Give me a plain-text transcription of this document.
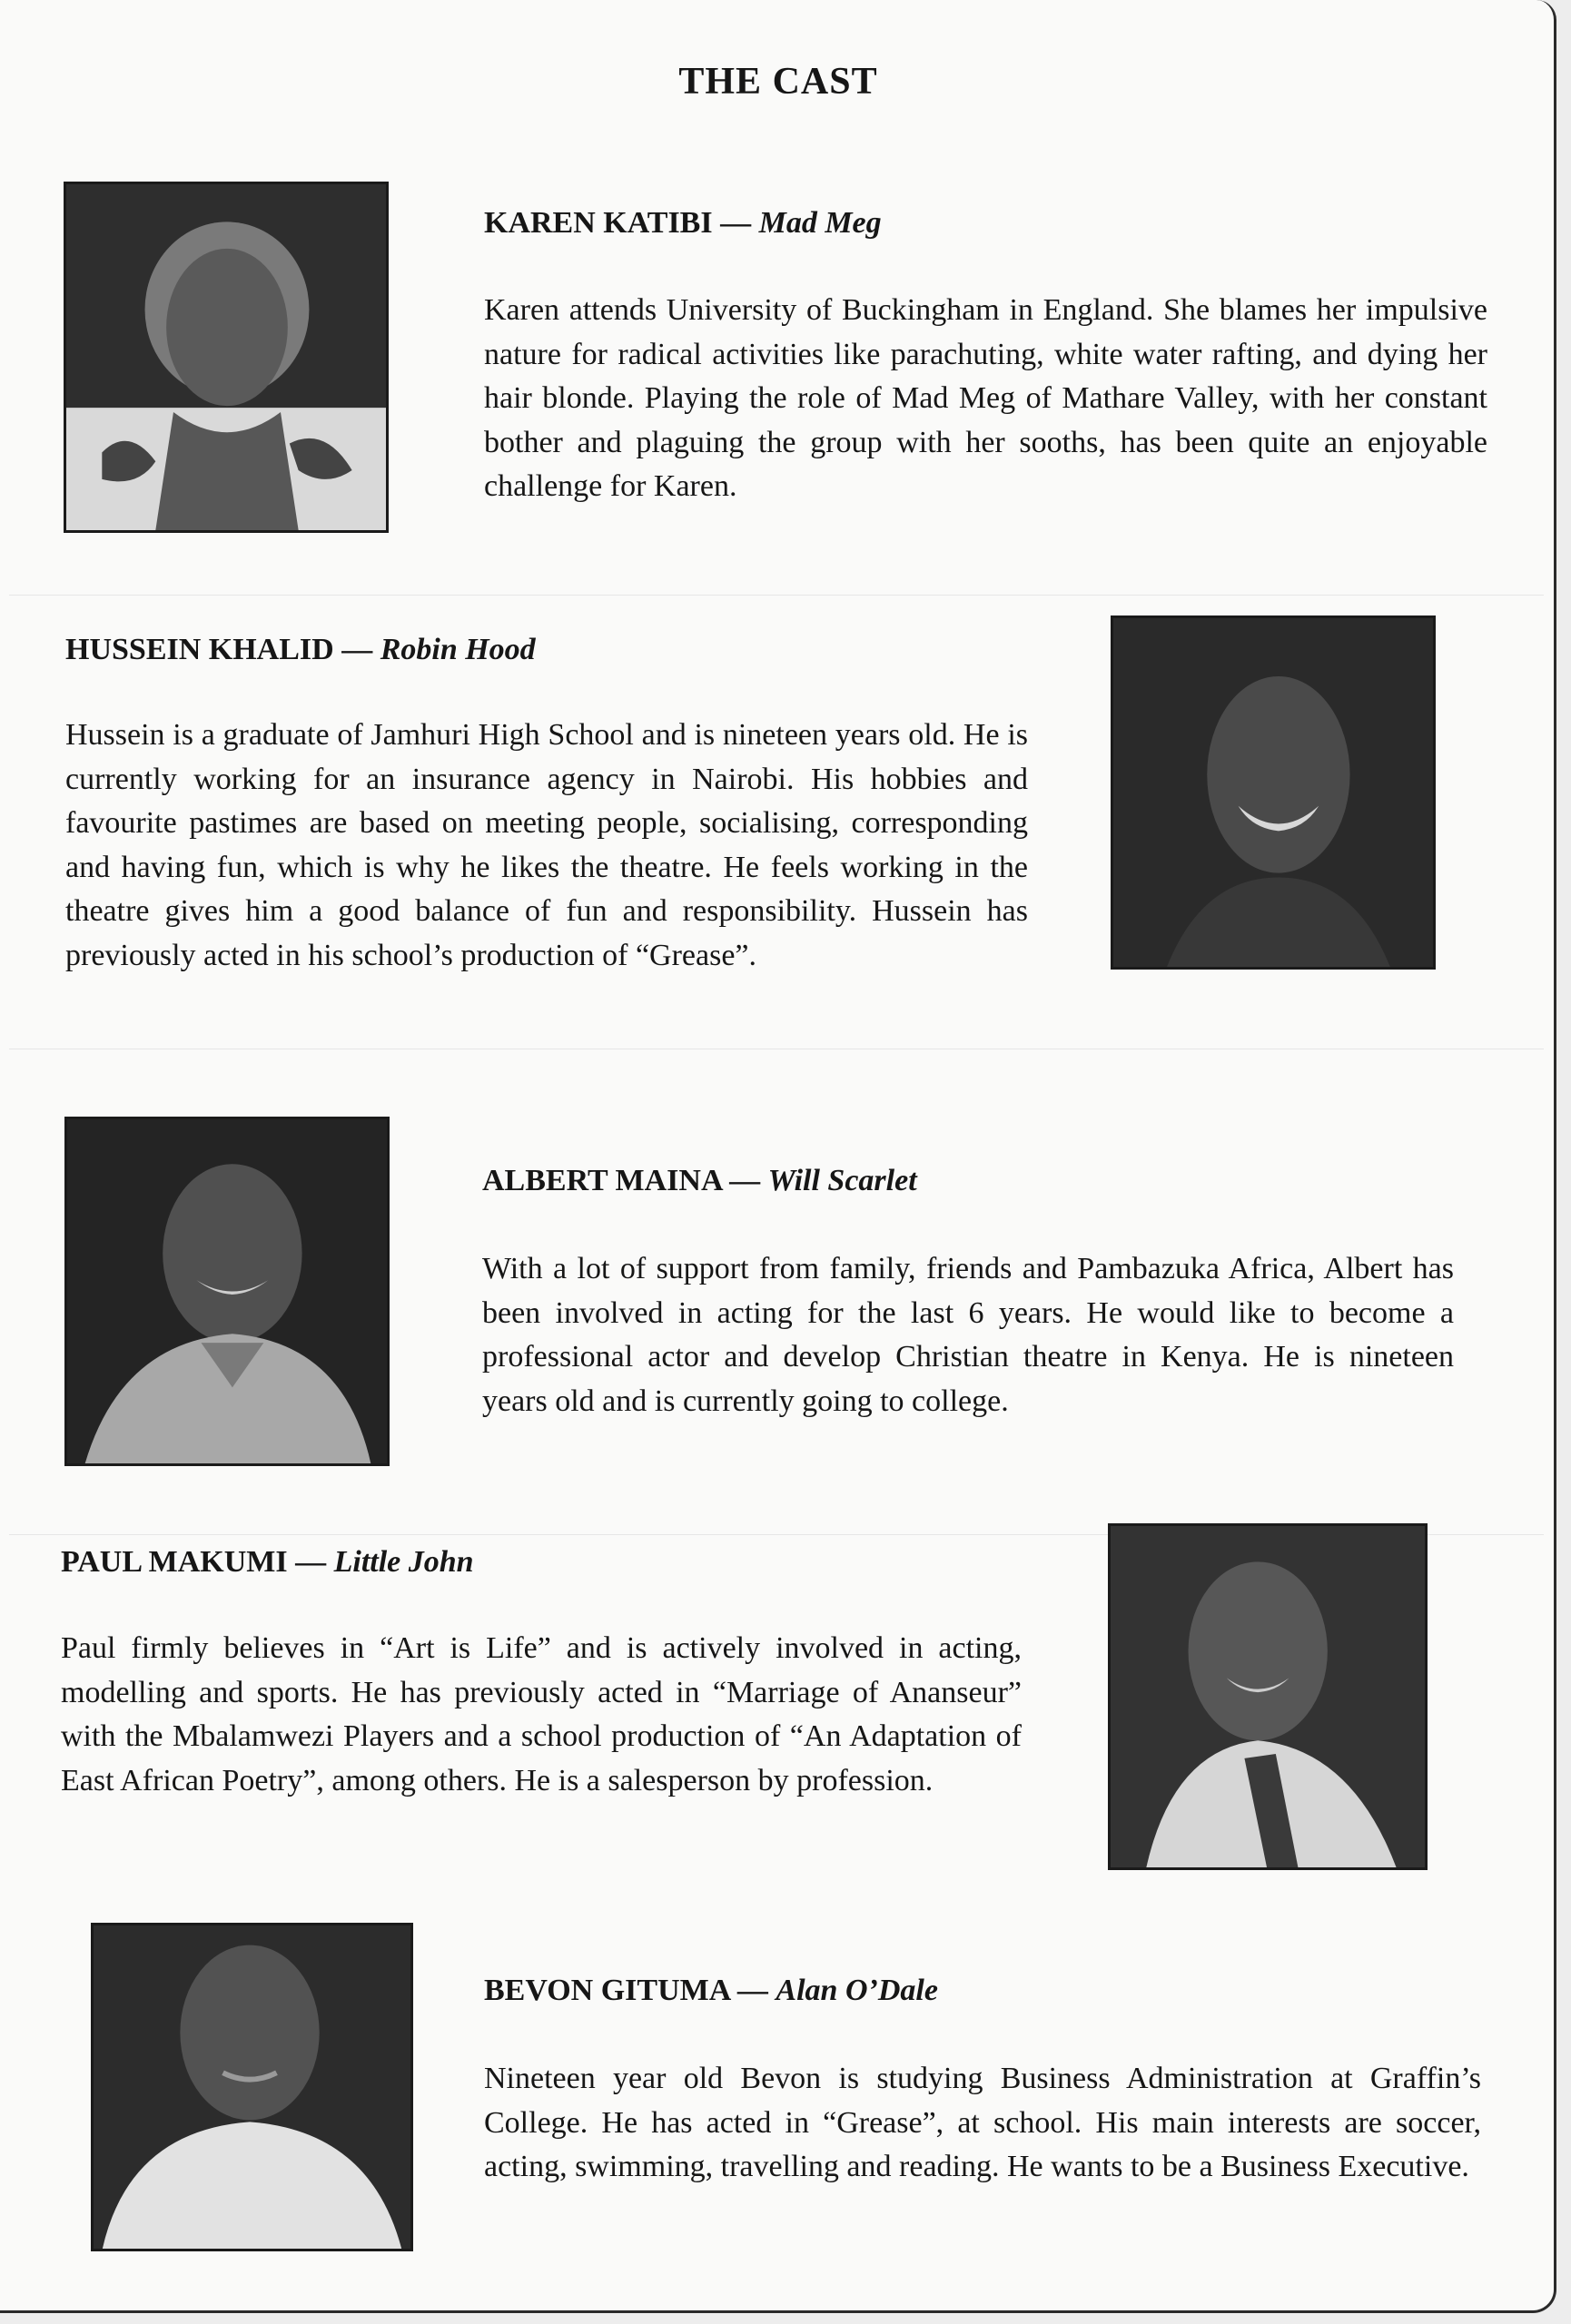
THE CAST
KAREN KATIBI — Mad Meg
Karen attends University of Buckingham in England. She blames her impulsive nature for radical activities like parachuting, white water rafting, and dying her hair blonde. Playing the role of Mad Meg of Mathare Valley, with her constant bother and plaguing the group with her sooths, has been quite an enjoyable challenge for Karen.
HUSSEIN KHALID — Robin Hood
Hussein is a graduate of Jamhuri High School and is nineteen years old. He is currently working for an insurance agency in Nairobi. His hobbies and favourite pastimes are based on meeting people, socialising, corresponding and having fun, which is why he likes the theatre. He feels working in the theatre gives him a good balance of fun and responsibility. Hussein has previously acted in his school’s production of “Grease”.
ALBERT MAINA — Will Scarlet
With a lot of support from family, friends and Pambazuka Africa, Albert has been involved in acting for the last 6 years. He would like to become a professional actor and develop Christian theatre in Kenya. He is nineteen years old and is currently going to college.
PAUL MAKUMI — Little John
Paul firmly believes in “Art is Life” and is actively involved in acting, modelling and sports. He has previously acted in “Marriage of Ananseur” with the Mbalamwezi Players and a school production of “An Adaptation of East African Poetry”, among others. He is a salesperson by profession.
BEVON GITUMA — Alan O’Dale
Nineteen year old Bevon is studying Business Administration at Graffin’s College. He has acted in “Grease”, at school. His main interests are soccer, acting, swimming, travelling and reading. He wants to be a Business Executive.
